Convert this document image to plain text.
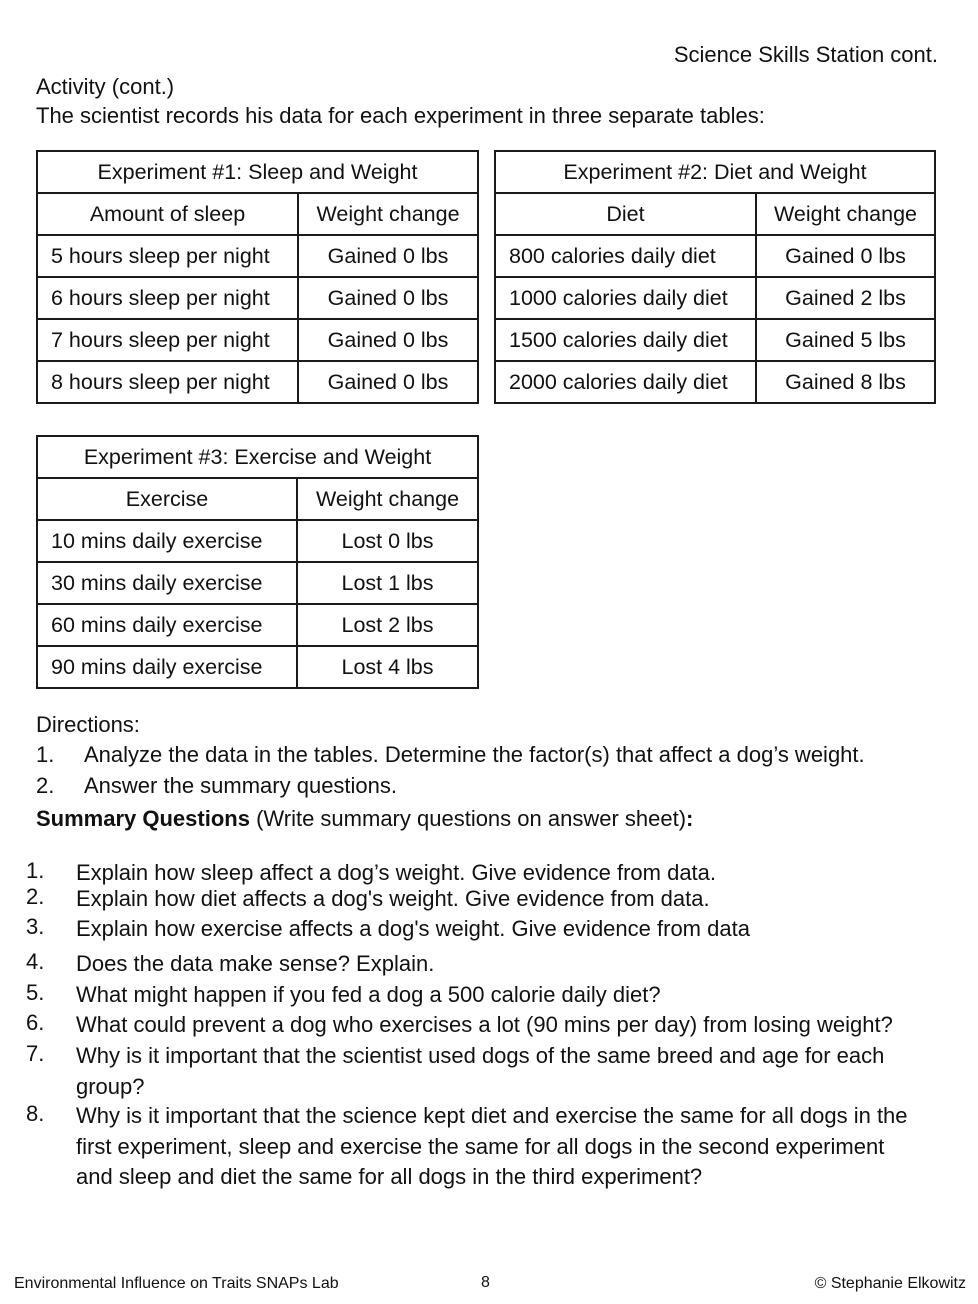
Science Skills Station cont.
Activity (cont.)
The scientist records his data for each experiment in three separate tables:
Experiment #1: Sleep and Weight	
Amount of sleep	Weight change
5 hours sleep per night	Gained 0 lbs
6 hours sleep per night	Gained 0 lbs
7 hours sleep per night	Gained 0 lbs
8 hours sleep per night	Gained 0 lbs
Experiment #2: Diet and Weight	
Diet	Weight change
800 calories daily diet	Gained 0 lbs
1000 calories daily diet	Gained 2 lbs
1500 calories daily diet	Gained 5 lbs
2000 calories daily diet	Gained 8 lbs
Experiment #3: Exercise and Weight	
Exercise	Weight change
10 mins daily exercise	Lost 0 lbs
30 mins daily exercise	Lost 1 lbs
60 mins daily exercise	Lost 2 lbs
90 mins daily exercise	Lost 4 lbs
Directions:
1. Analyze the data in the tables. Determine the factor(s) that affect a dog’s weight.
2. Answer the summary questions.
Summary Questions (Write summary questions on answer sheet):
1. Explain how sleep affect a dog’s weight. Give evidence from data.
2. Explain how diet affects a dog's weight. Give evidence from data.
3. Explain how exercise affects a dog's weight. Give evidence from data
4. Does the data make sense? Explain.
5. What might happen if you fed a dog a 500 calorie daily diet?
6. What could prevent a dog who exercises a lot (90 mins per day) from losing weight?
7. Why is it important that the scientist used dogs of the same breed and age for each group?
8. Why is it important that the science kept diet and exercise the same for all dogs in the first experiment, sleep and exercise the same for all dogs in the second experiment and sleep and diet the same for all dogs in the third experiment?
Environmental Influence on Traits SNAPs Lab	8	© Stephanie Elkowitz
